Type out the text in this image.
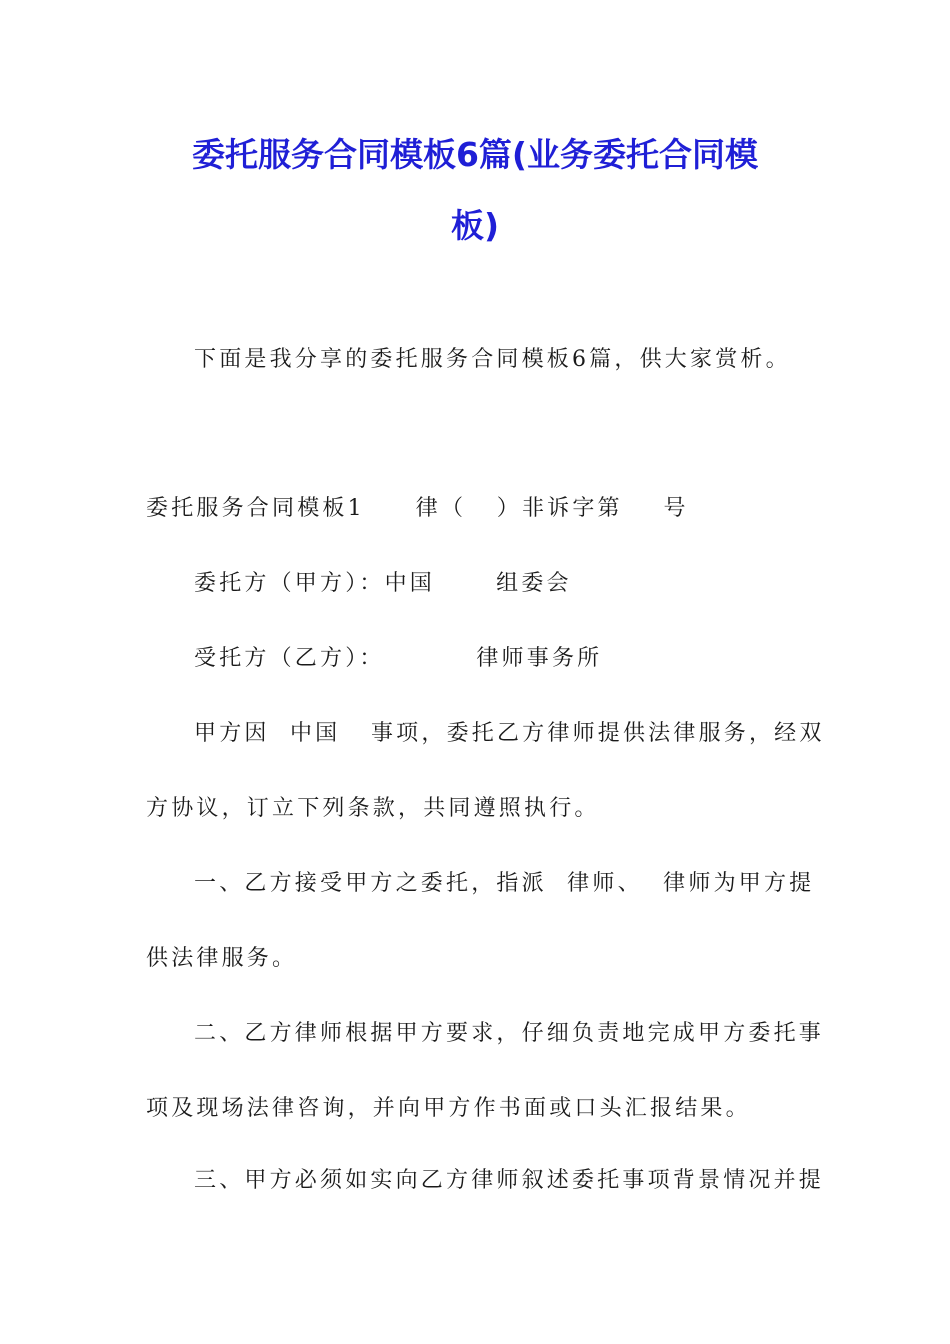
委托服务合同模板6篇(业务委托合同模
板)
下面是我分享的委托服务合同模板6篇，供大家赏析。
委托服务合同模板1     律（   ）非诉字第    号
委托方（甲方）：中国      组委会
受托方（乙方）：         律师事务所
甲方因  中国   事项，委托乙方律师提供法律服务，经双
方协议，订立下列条款，共同遵照执行。
一、乙方接受甲方之委托，指派  律师、  律师为甲方提
供法律服务。
二、乙方律师根据甲方要求，仔细负责地完成甲方委托事
项及现场法律咨询，并向甲方作书面或口头汇报结果。
三、甲方必须如实向乙方律师叙述委托事项背景情况并提
